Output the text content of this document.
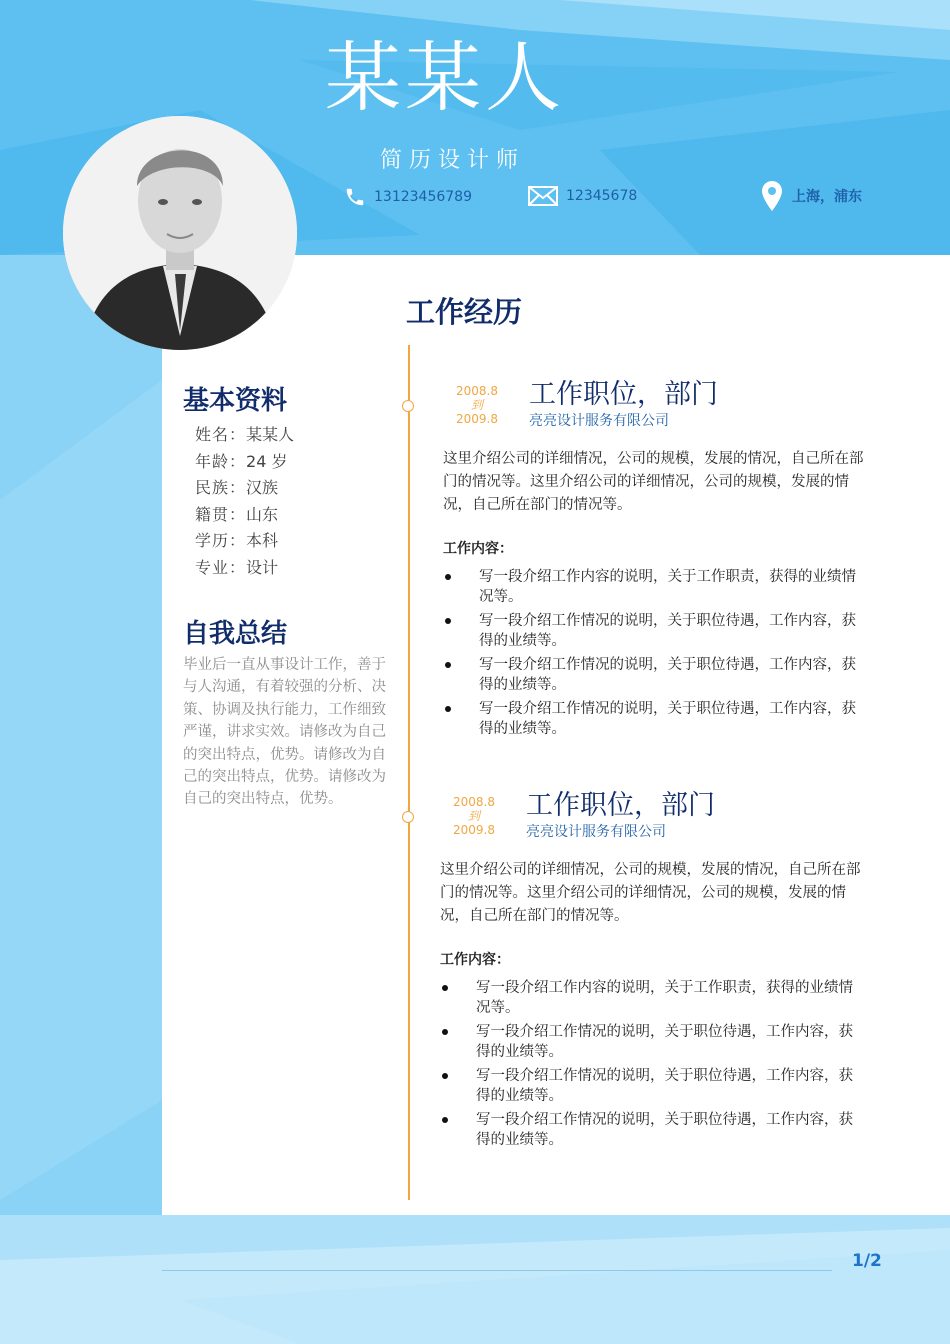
某某人
简历设计师
13123456789	12345678	上海，浦东
基本资料
姓名：某某人
年龄：24 岁
民族：汉族
籍贯：山东
学历：本科
专业：设计
自我总结
毕业后一直从事设计工作，善于与人沟通，有着较强的分析、决策、协调及执行能力，工作细致严谨，讲求实效。请修改为自己的突出特点，优势。请修改为自己的突出特点，优势。请修改为自己的突出特点，优势。
工作经历
2008.8
到
2009.8
工作职位，部门
亮亮设计服务有限公司
这里介绍公司的详细情况，公司的规模，发展的情况，自己所在部门的情况等。这里介绍公司的详细情况，公司的规模，发展的情况，自己所在部门的情况等。
工作内容：
写一段介绍工作内容的说明，关于工作职责，获得的业绩情况等。
写一段介绍工作情况的说明，关于职位待遇，工作内容，获得的业绩等。
写一段介绍工作情况的说明，关于职位待遇，工作内容，获得的业绩等。
写一段介绍工作情况的说明，关于职位待遇，工作内容，获得的业绩等。
2008.8
到
2009.8
工作职位，部门
亮亮设计服务有限公司
这里介绍公司的详细情况，公司的规模，发展的情况，自己所在部门的情况等。这里介绍公司的详细情况，公司的规模，发展的情况，自己所在部门的情况等。
工作内容：
写一段介绍工作内容的说明，关于工作职责，获得的业绩情况等。
写一段介绍工作情况的说明，关于职位待遇，工作内容，获得的业绩等。
写一段介绍工作情况的说明，关于职位待遇，工作内容，获得的业绩等。
写一段介绍工作情况的说明，关于职位待遇，工作内容，获得的业绩等。
1/2
